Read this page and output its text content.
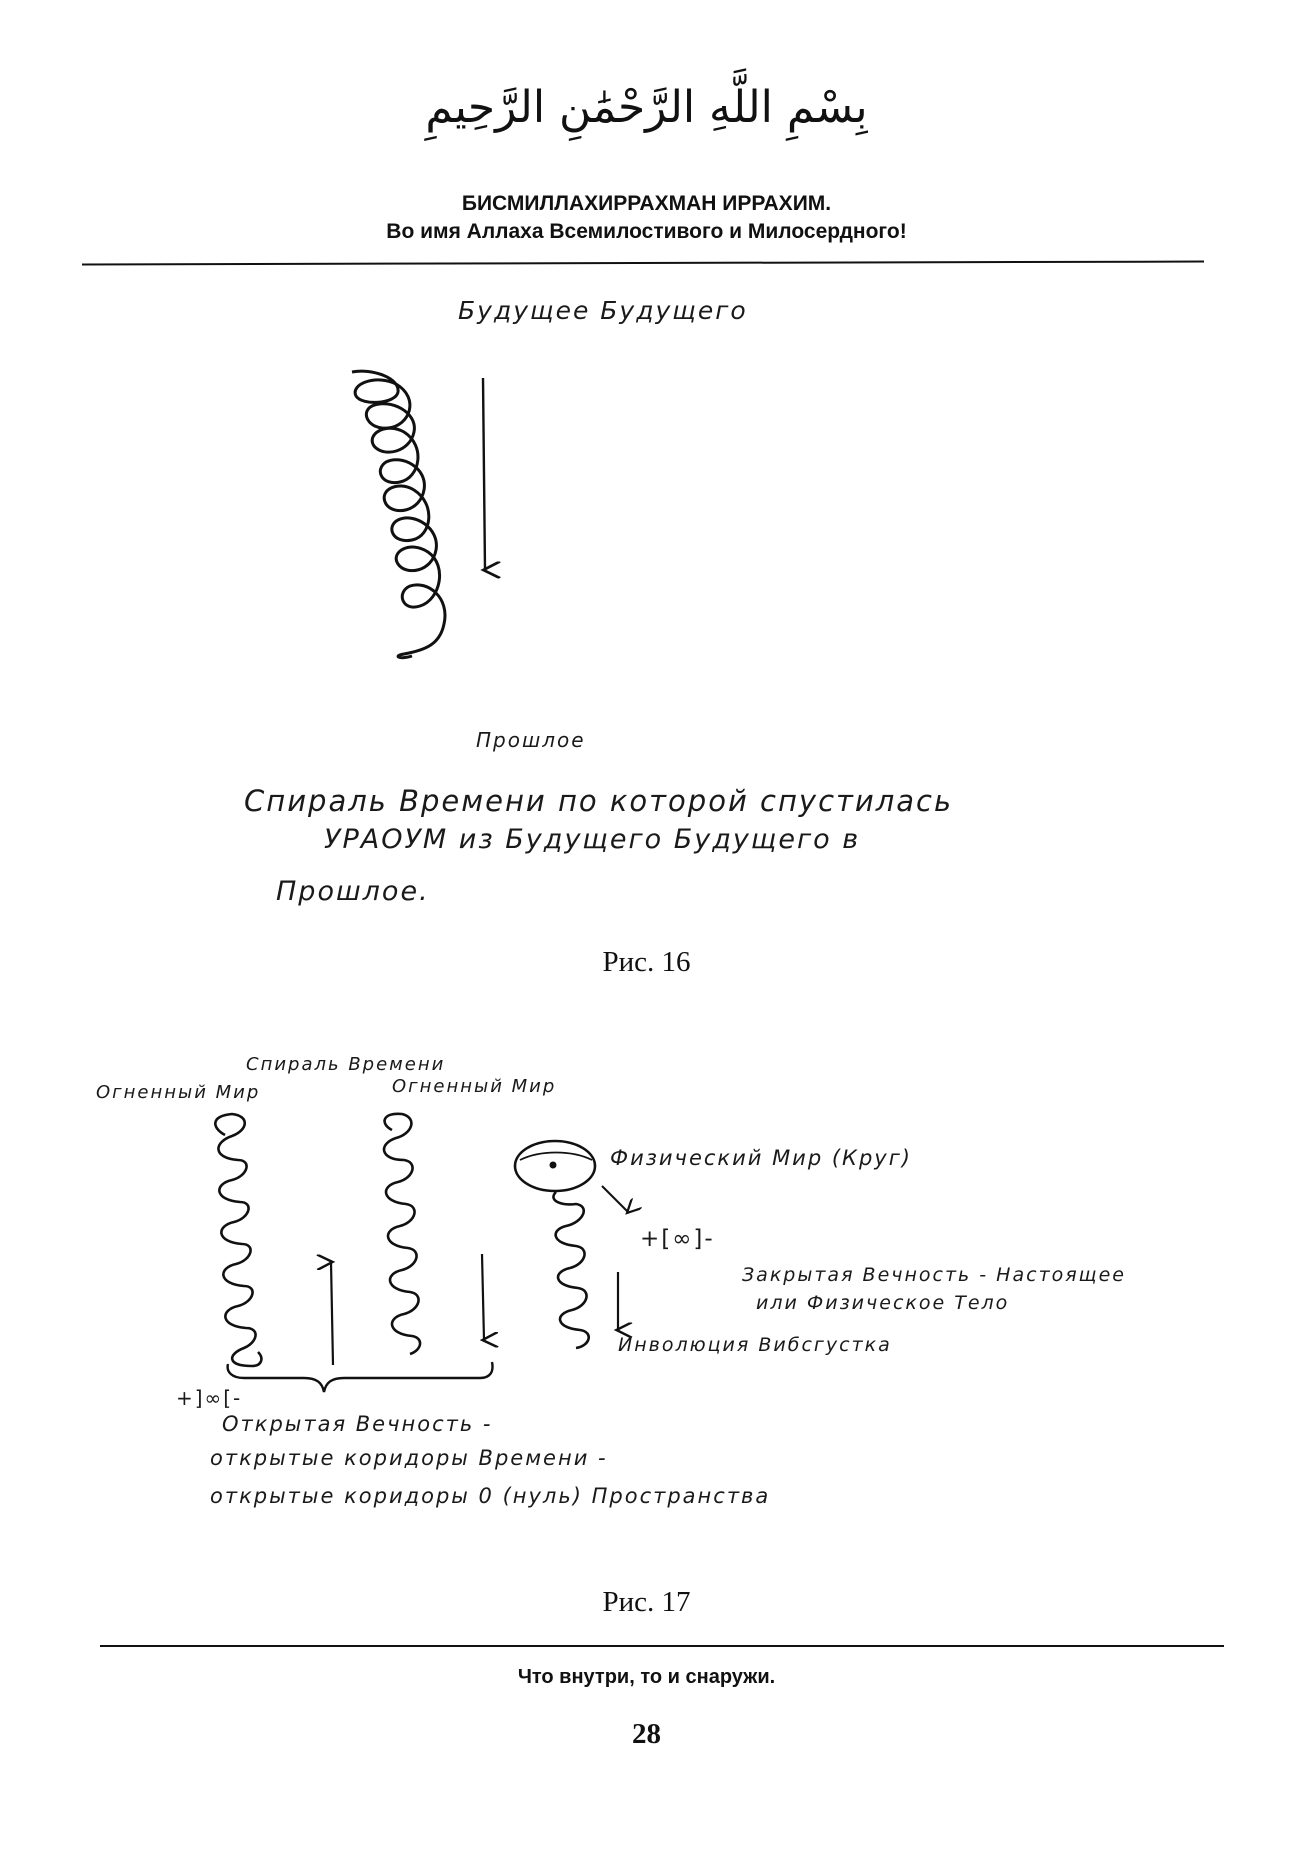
بِسْمِ اللَّهِ الرَّحْمَٰنِ الرَّحِيمِ
БИСМИЛЛАХИРРАХМАН ИРРАХИМ.
Во имя Аллаха Всемилостивого и Милосердного!
Будущее Будущего
Прошлое
Спираль Времени по которой спустилась
УРАОУМ из Будущего Будущего в
Прошлое.
Рис. 16
Спираль Времени
Огненный Мир	Огненный Мир
Физический Мир (Круг)
+[∞]-
Закрытая Вечность - Настоящее
или Физическое Тело
Инволюция Вибсгустка
+]∞[-
Открытая Вечность -
открытые коридоры Времени -
открытые коридоры 0 (нуль) Пространства
Рис. 17
Что внутри, то и снаружи.
28
